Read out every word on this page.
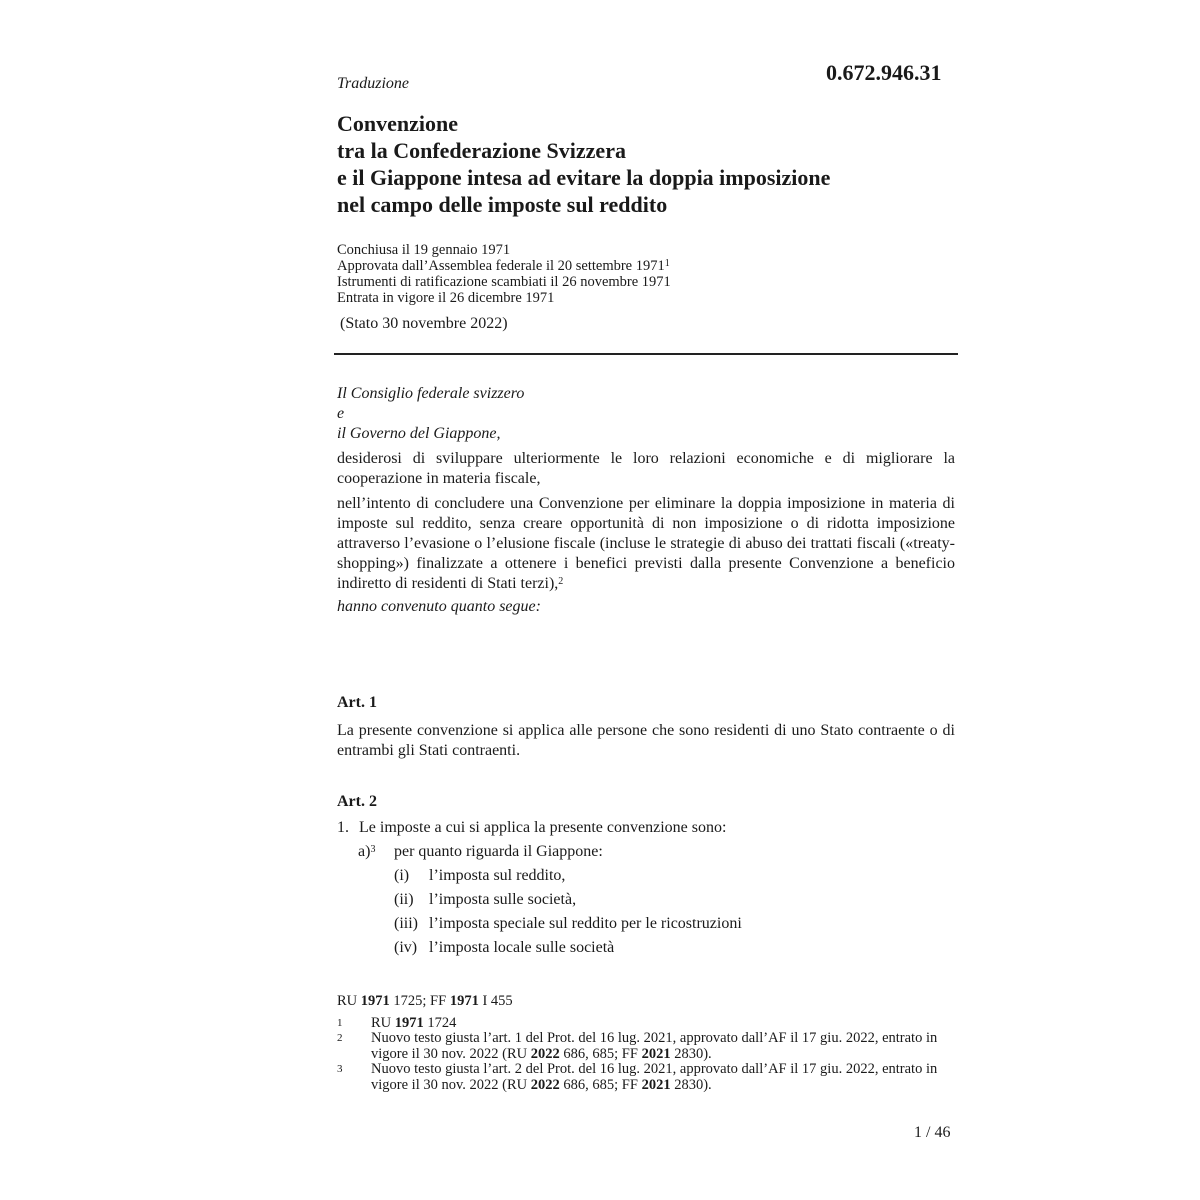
0.672.946.31
Traduzione
Convenzione
tra la Confederazione Svizzera
e il Giappone intesa ad evitare la doppia imposizione
nel campo delle imposte sul reddito
Conchiusa il 19 gennaio 1971
Approvata dall’Assemblea federale il 20 settembre 1971$^1$
Istrumenti di ratificazione scambiati il 26 novembre 1971
Entrata in vigore il 26 dicembre 1971
(Stato 30 novembre 2022)
Il Consiglio federale svizzero
e
il Governo del Giappone,

desiderosi di sviluppare ulteriormente le loro relazioni economiche e di migliorare la cooperazione in materia fiscale,

nell’intento di concludere una Convenzione per eliminare la doppia imposizione in materia di imposte sul reddito, senza creare opportunità di non imposizione o di ridotta imposizione attraverso l’evasione o l’elusione fiscale (incluse le strategie di abuso dei trattati fiscali («treaty-shopping») finalizzate a ottenere i benefici previsti dalla presente Convenzione a beneficio indiretto di residenti di Stati terzi),$^2$

hanno convenuto quanto segue:
Art. 1

La presente convenzione si applica alle persone che sono residenti di uno Stato contraente o di entrambi gli Stati contraenti.

Art. 2
1. Le imposte a cui si applica la presente convenzione sono:
a)$^3$ per quanto riguarda il Giappone:
(i) l’imposta sul reddito,
(ii) l’imposta sulle società,
(iii) l’imposta speciale sul reddito per le ricostruzioni
(iv) l’imposta locale sulle società
RU 1971 1725; FF 1971 I 455
1	RU 1971 1724
2	Nuovo testo giusta l’art. 1 del Prot. del 16 lug. 2021, approvato dall’AF il 17 giu. 2022, entrato in vigore il 30 nov. 2022 (RU 2022 686, 685; FF 2021 2830).
3	Nuovo testo giusta l’art. 2 del Prot. del 16 lug. 2021, approvato dall’AF il 17 giu. 2022, entrato in vigore il 30 nov. 2022 (RU 2022 686, 685; FF 2021 2830).
1 / 46
